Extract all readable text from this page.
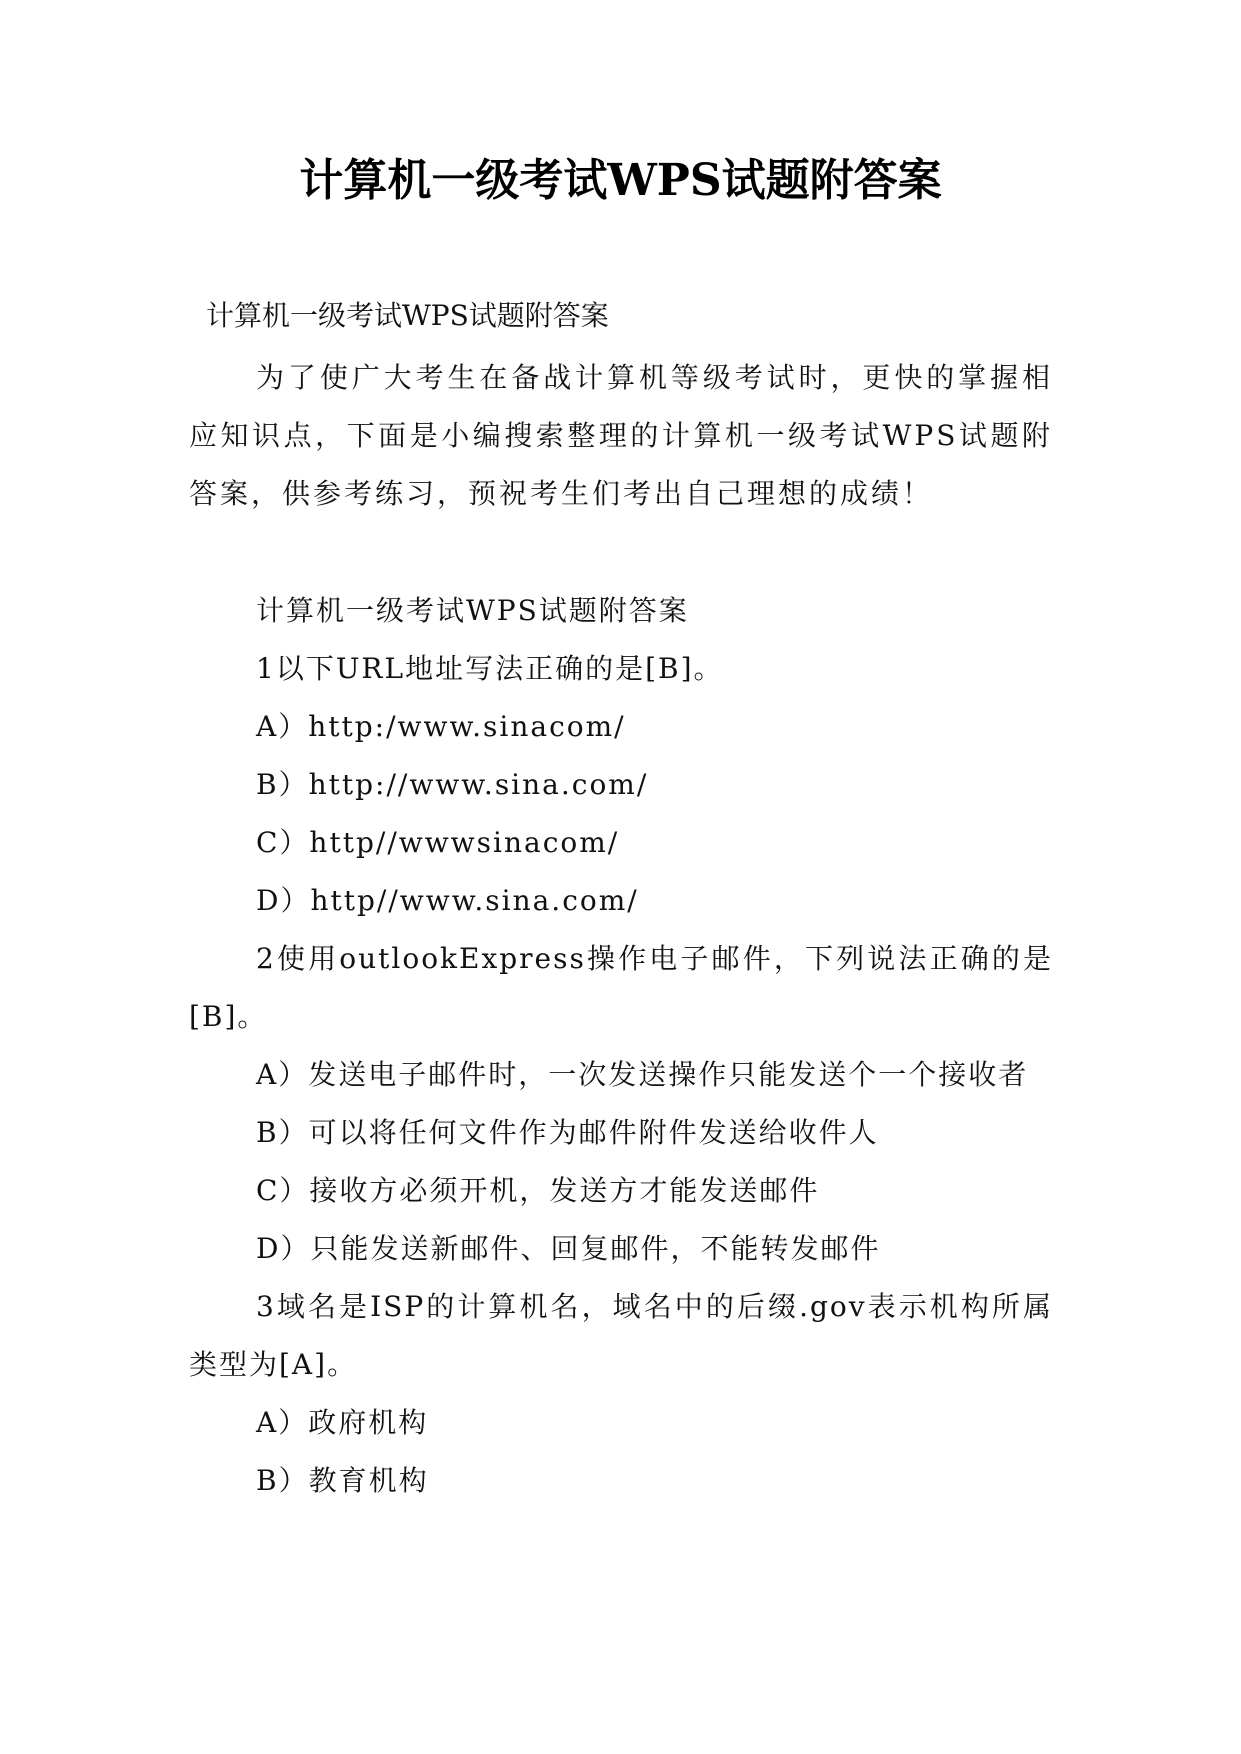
计算机一级考试WPS试题附答案

计算机一级考试WPS试题附答案

为了使广大考生在备战计算机等级考试时，更快的掌握相应知识点，下面是小编搜索整理的计算机一级考试WPS试题附答案，供参考练习，预祝考生们考出自己理想的成绩！

计算机一级考试WPS试题附答案

1以下URL地址写法正确的是[B]。

A）http:/www.sinacom/

B）http://www.sina.com/

C）http//wwwsinacom/

D）http//www.sina.com/

2使用outlookExpress操作电子邮件，下列说法正确的是[B]。

A）发送电子邮件时，一次发送操作只能发送个一个接收者

B）可以将任何文件作为邮件附件发送给收件人

C）接收方必须开机，发送方才能发送邮件

D）只能发送新邮件、回复邮件，不能转发邮件

3域名是ISP的计算机名，域名中的后缀.gov表示机构所属类型为[A]。

A）政府机构

B）教育机构
